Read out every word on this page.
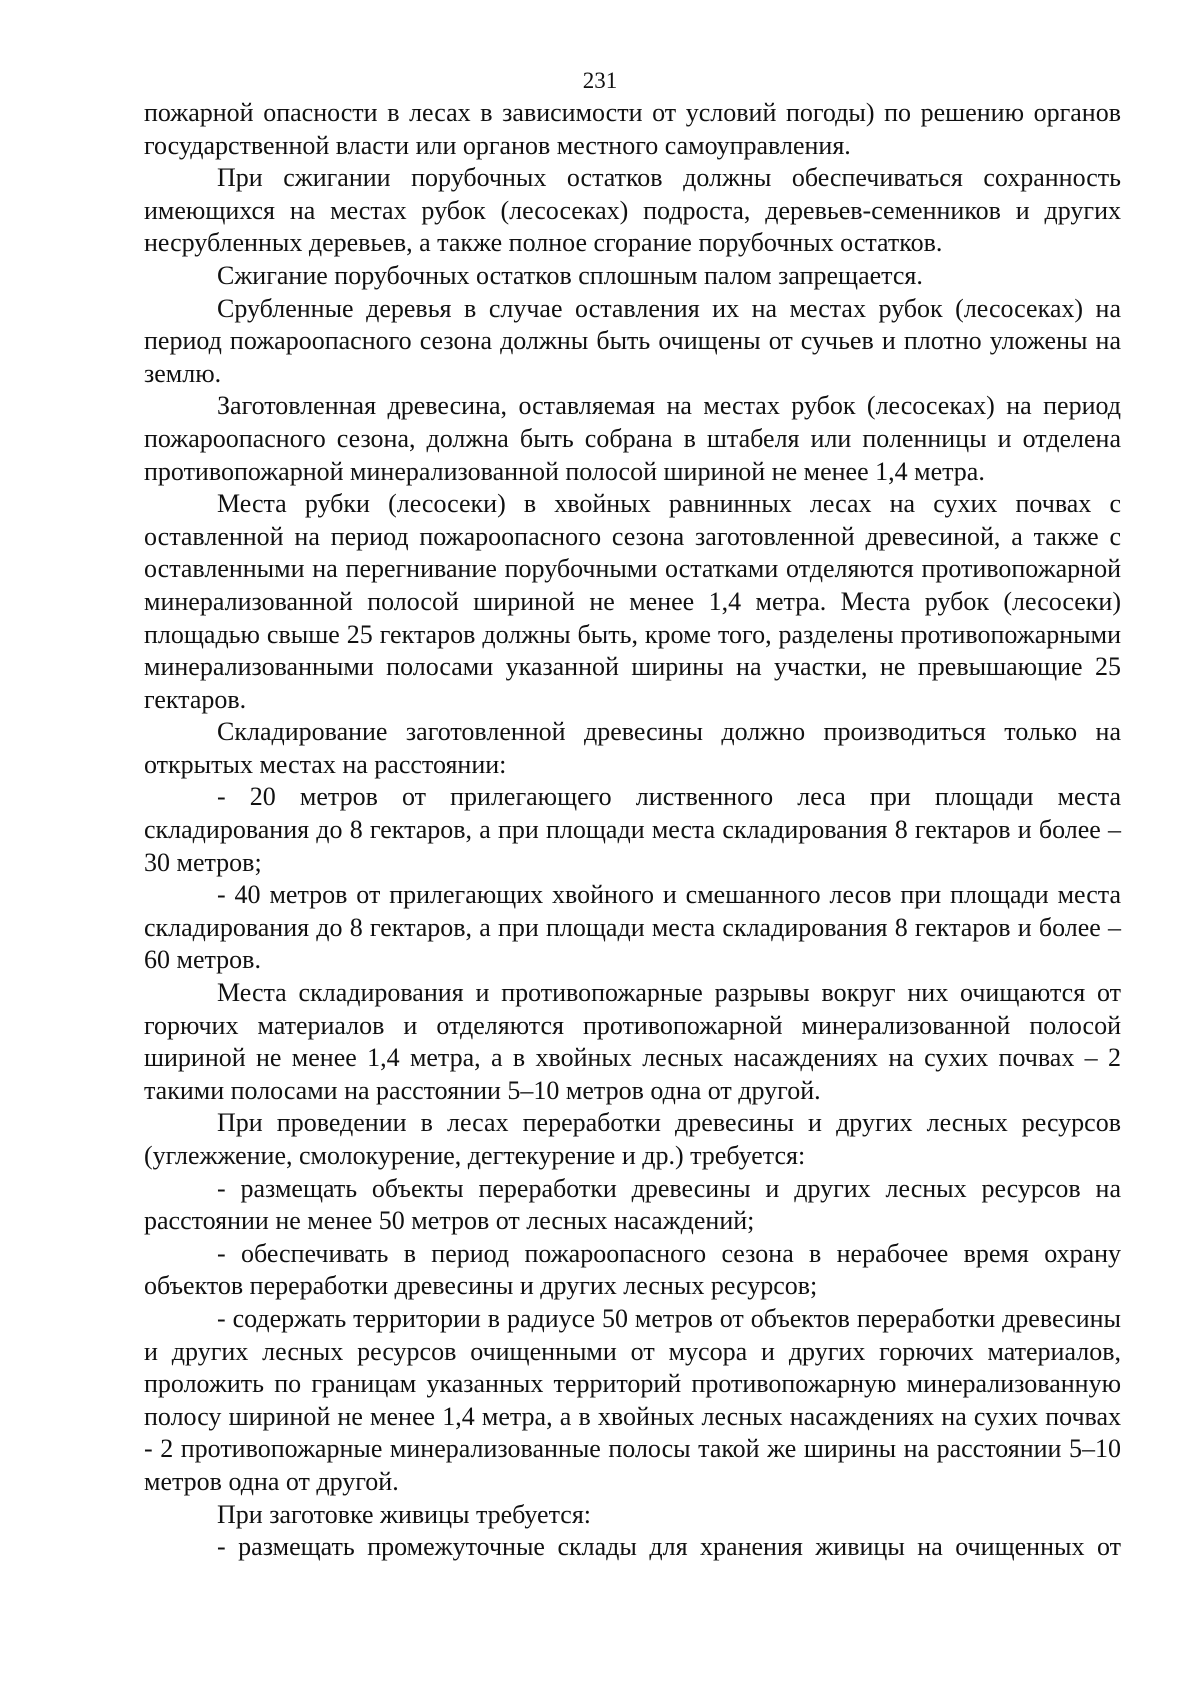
231

пожарной опасности в лесах в зависимости от условий погоды) по решению органов государственной власти или органов местного самоуправления.

При сжигании порубочных остатков должны обеспечиваться сохранность имеющихся на местах рубок (лесосеках) подроста, деревьев-семенников и других несрубленных деревьев, а также полное сгорание порубочных остатков.

Сжигание порубочных остатков сплошным палом запрещается.

Срубленные деревья в случае оставления их на местах рубок (лесосеках) на период пожароопасного сезона должны быть очищены от сучьев и плотно уложены на землю.

Заготовленная древесина, оставляемая на местах рубок (лесосеках) на период пожароопасного сезона, должна быть собрана в штабеля или поленницы и отделена противопожарной минерализованной полосой шириной не менее 1,4 метра.

Места рубки (лесосеки) в хвойных равнинных лесах на сухих почвах с оставленной на период пожароопасного сезона заготовленной древесиной, а также с оставленными на перегнивание порубочными остатками отделяются противопожарной минерализованной полосой шириной не менее 1,4 метра. Места рубок (лесосеки) площадью свыше 25 гектаров должны быть, кроме того, разделены противопожарными минерализованными полосами указанной ширины на участки, не превышающие 25 гектаров.

Складирование заготовленной древесины должно производиться только на открытых местах на расстоянии:

- 20 метров от прилегающего лиственного леса при площади места складирования до 8 гектаров, а при площади места складирования 8 гектаров и более – 30 метров;

- 40 метров от прилегающих хвойного и смешанного лесов при площади места складирования до 8 гектаров, а при площади места складирования 8 гектаров и более – 60 метров.

Места складирования и противопожарные разрывы вокруг них очищаются от горючих материалов и отделяются противопожарной минерализованной полосой шириной не менее 1,4 метра, а в хвойных лесных насаждениях на сухих почвах – 2 такими полосами на расстоянии 5–10 метров одна от другой.

При проведении в лесах переработки древесины и других лесных ресурсов (углежжение, смолокурение, дегтекурение и др.) требуется:

- размещать объекты переработки древесины и других лесных ресурсов на расстоянии не менее 50 метров от лесных насаждений;

- обеспечивать в период пожароопасного сезона в нерабочее время охрану объектов переработки древесины и других лесных ресурсов;

- содержать территории в радиусе 50 метров от объектов переработки древесины и других лесных ресурсов очищенными от мусора и других горючих материалов, проложить по границам указанных территорий противопожарную минерализованную полосу шириной не менее 1,4 метра, а в хвойных лесных насаждениях на сухих почвах - 2 противопожарные минерализованные полосы такой же ширины на расстоянии 5–10 метров одна от другой.

При заготовке живицы требуется:

- размещать промежуточные склады для хранения живицы на очищенных от
